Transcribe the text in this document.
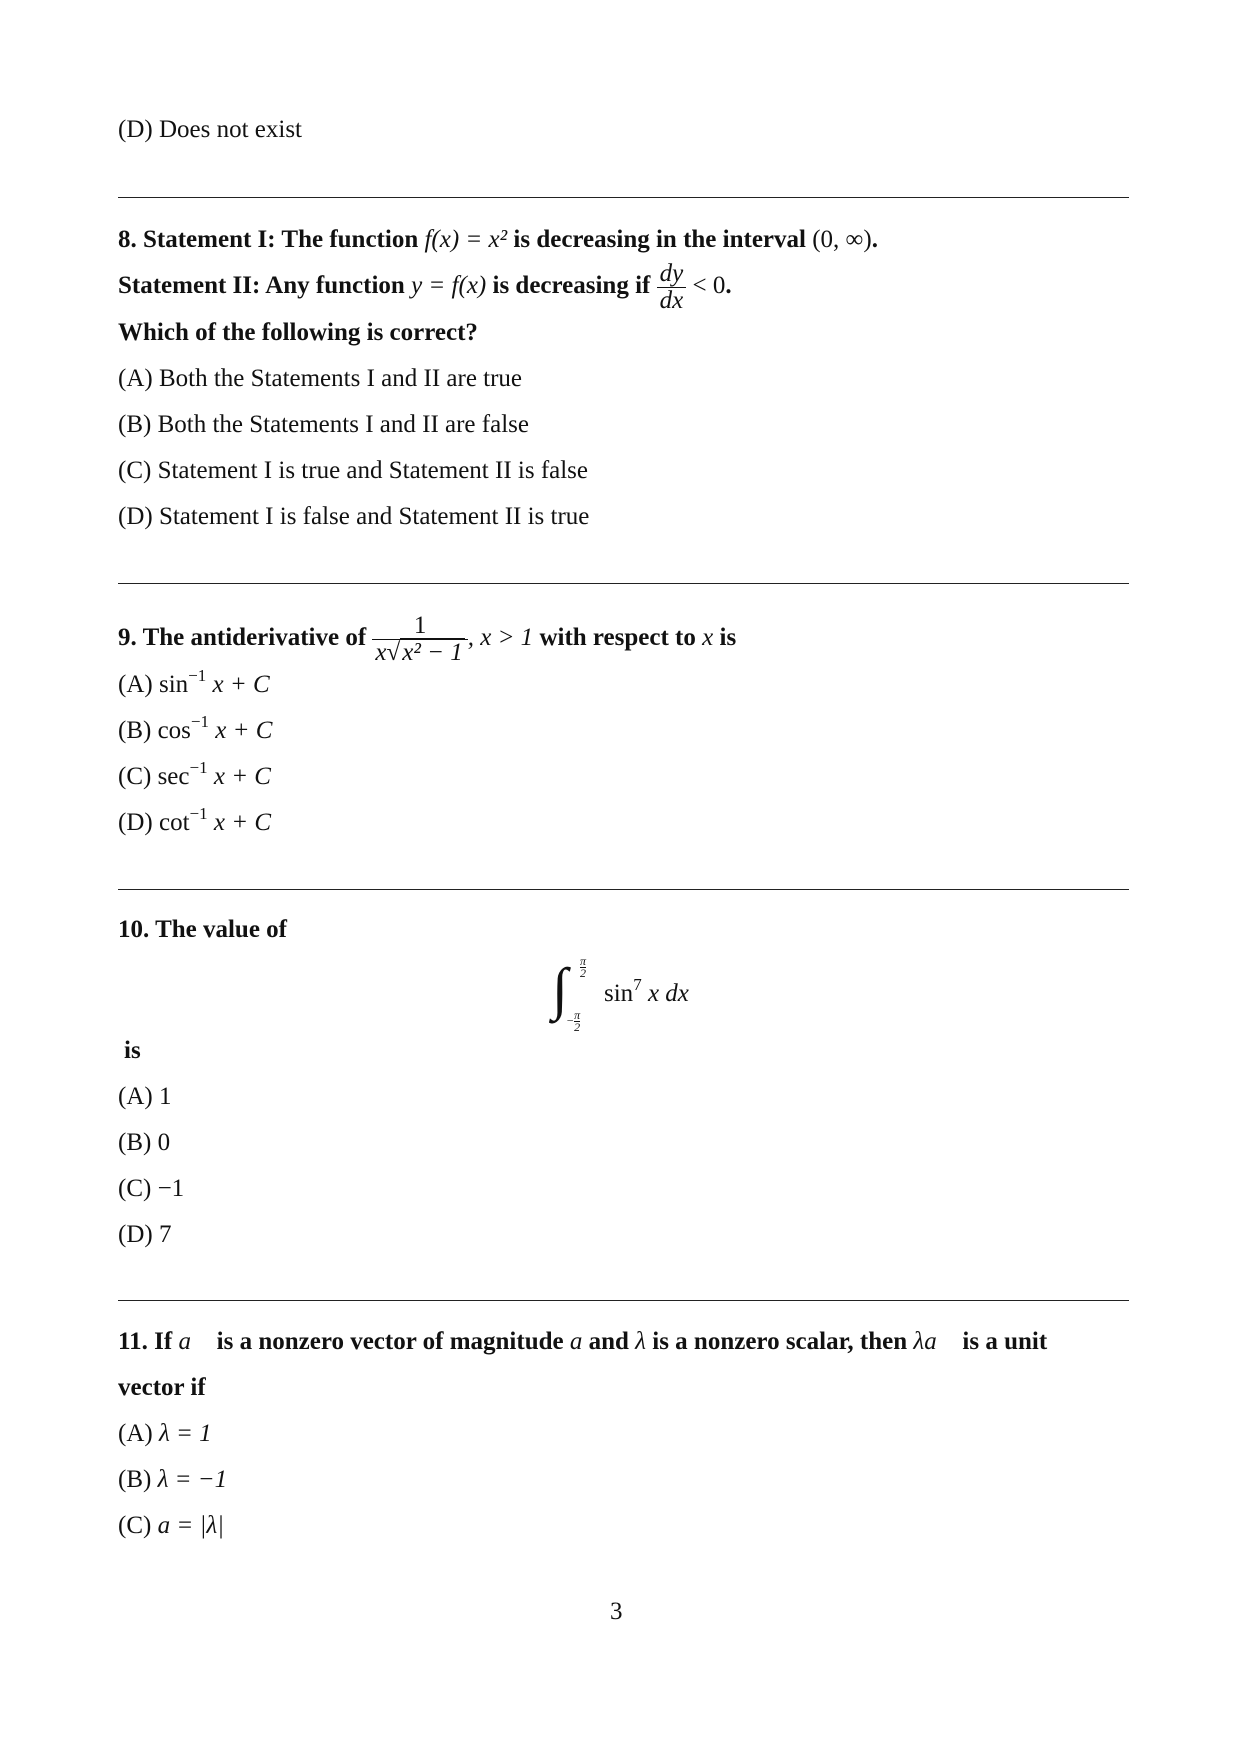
(D) Does not exist
8. Statement I: The function f(x) = x² is decreasing in the interval (0, ∞).
Statement II: Any function y = f(x) is decreasing if $\frac{dy}{dx} < 0$.
Which of the following is correct?
(A) Both the Statements I and II are true
(B) Both the Statements I and II are false
(C) Statement I is true and Statement II is false
(D) Statement I is false and Statement II is true
9. The antiderivative of $\frac{1}{\text{x√x² − 1}}$ , x > 1 with respect to x is
(A) $\sin^{-1} x + C$
(B) $\cos^{-1} x + C$
(C) $\sec^{-1} x + C$
(D) $\cot^{-1} x + C$
10. The value of
∫ $\frac{\pi}{2}$
− $\frac{\pi}{2}$
$\sin^7 x$ dx
is
(A) 1
(B) 0
(C) −1
(D) 7
11. If a⃗ is a nonzero vector of magnitude a and λ is a nonzero scalar, then λa⃗ is a unit
vector if
(A) λ = 1
(B) λ = −1
(C) a = |λ|
3
